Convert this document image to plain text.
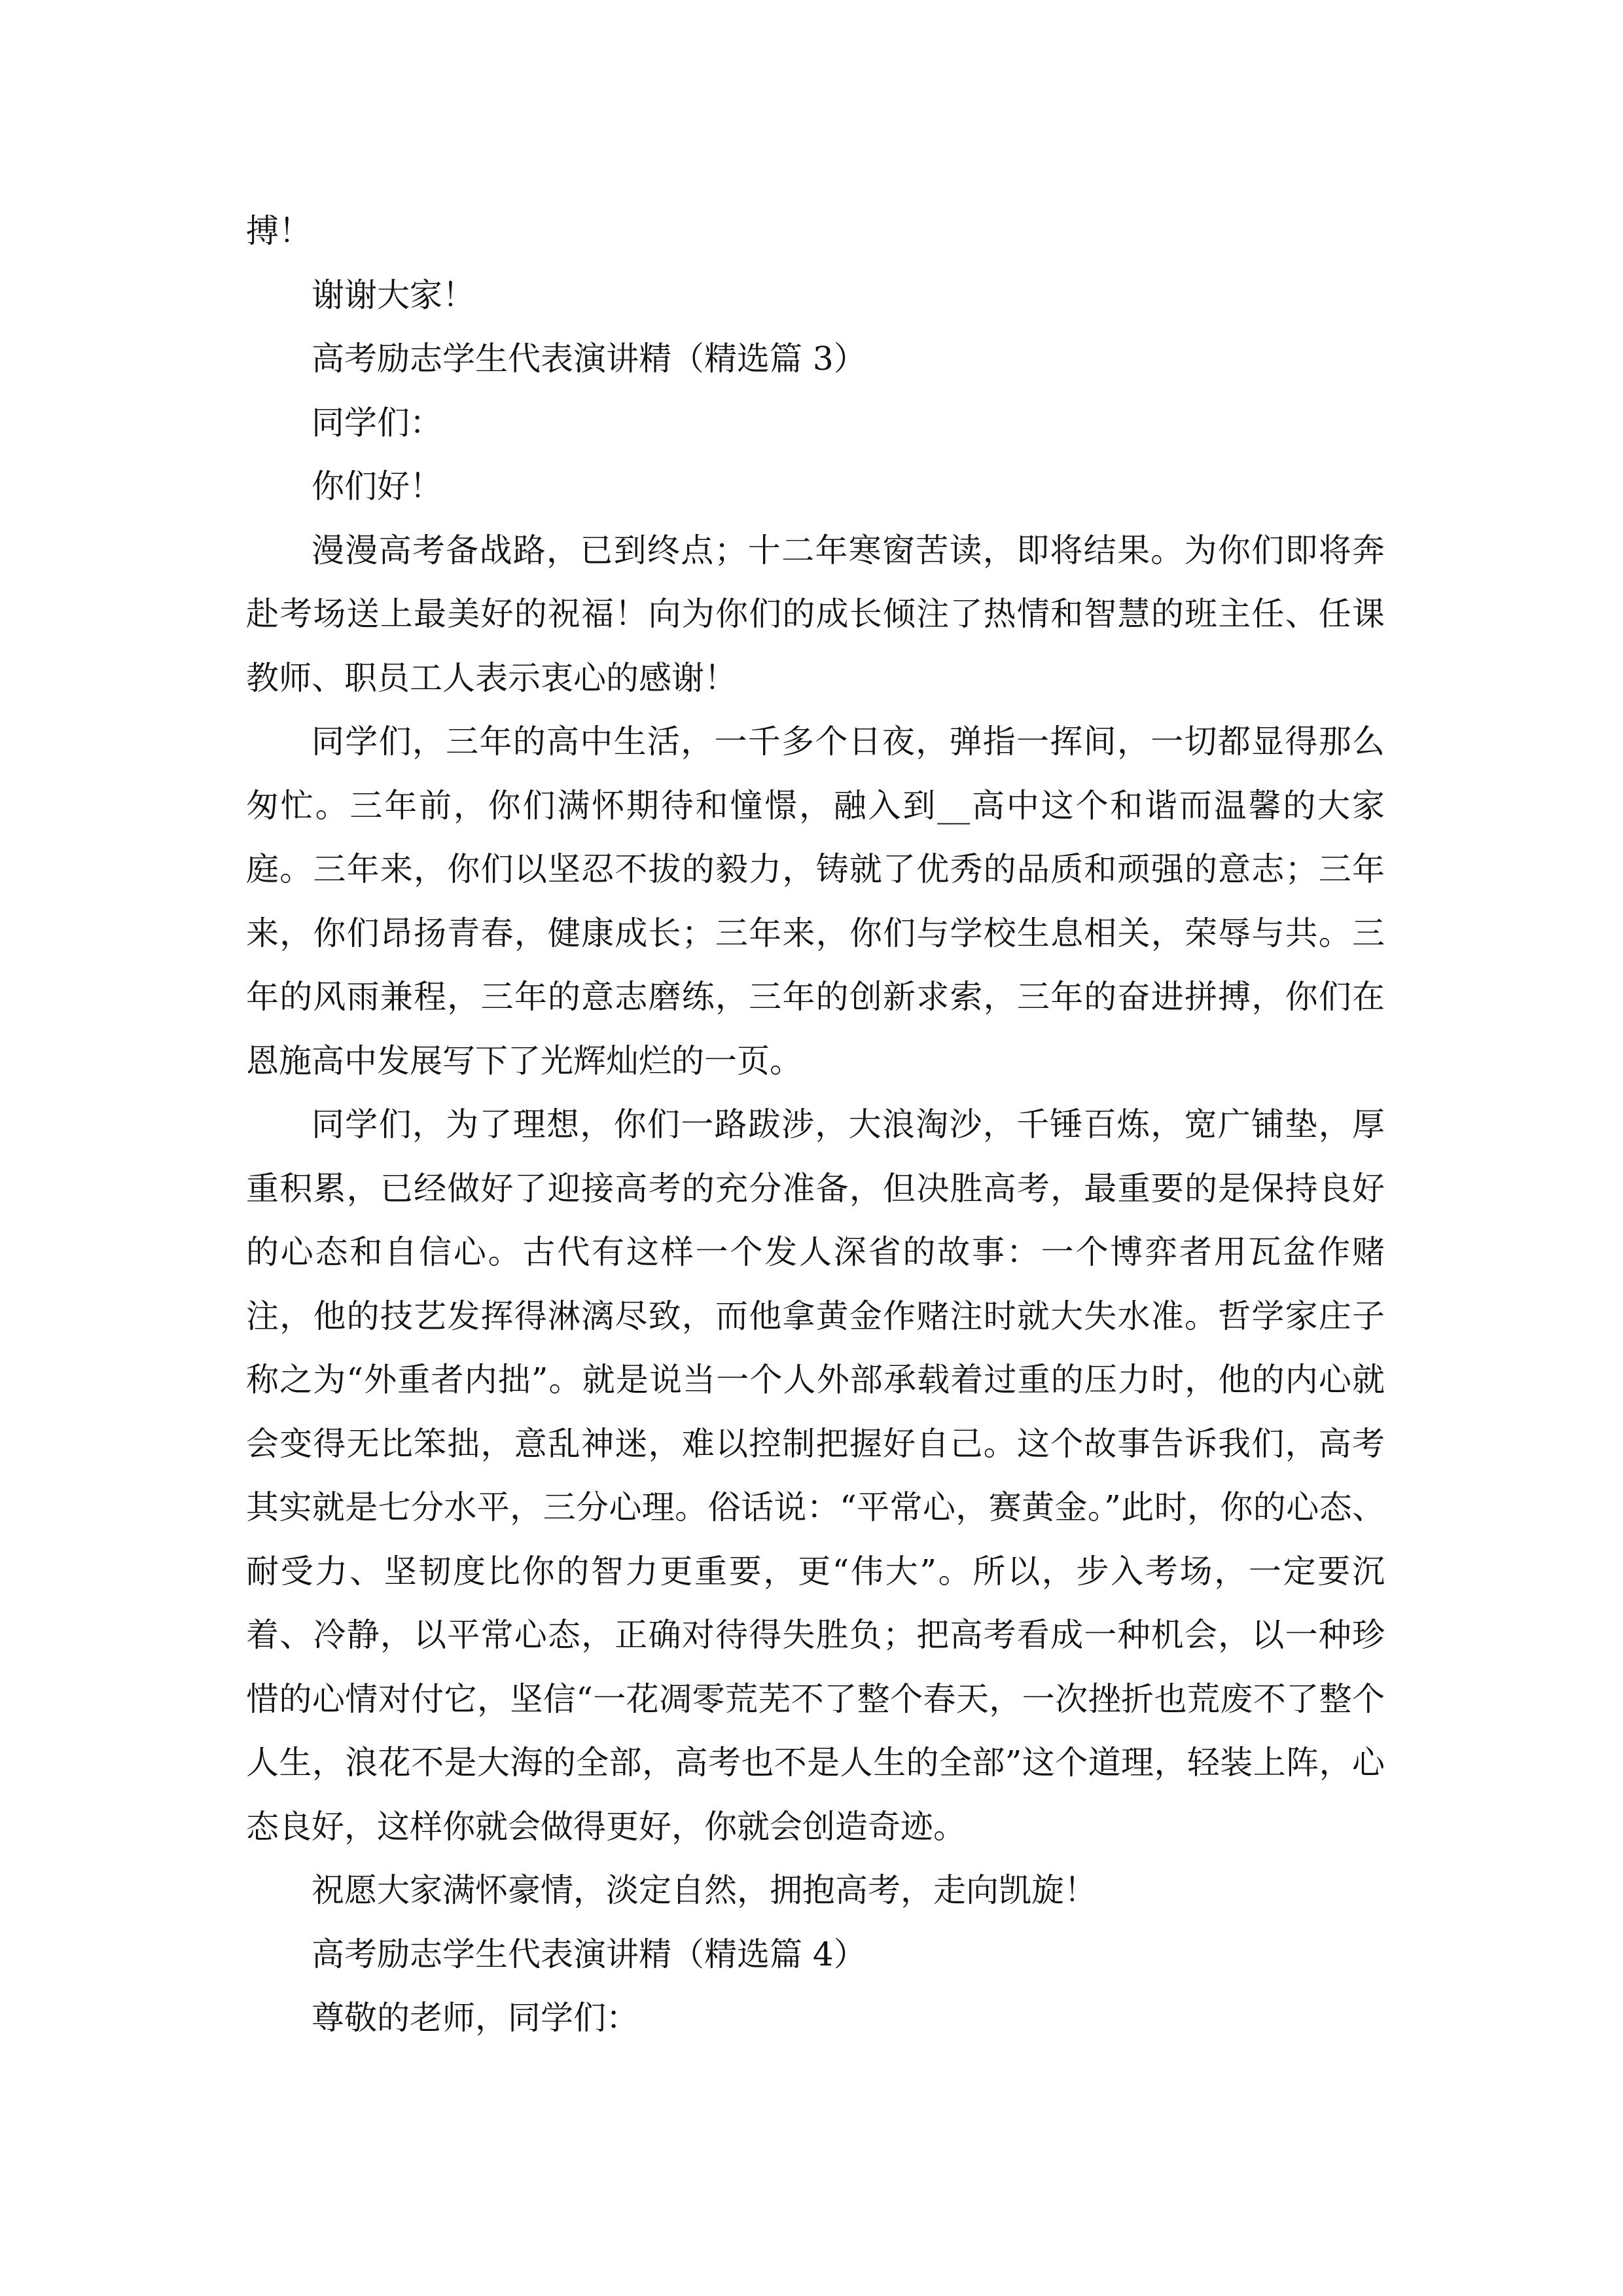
搏！

谢谢大家！

高考励志学生代表演讲精（精选篇 3）

同学们：

你们好！

漫漫高考备战路，已到终点；十二年寒窗苦读，即将结果。为你们即将奔赴考场送上最美好的祝福！向为你们的成长倾注了热情和智慧的班主任、任课教师、职员工人表示衷心的感谢！

同学们，三年的高中生活，一千多个日夜，弹指一挥间，一切都显得那么匆忙。三年前，你们满怀期待和憧憬，融入到__高中这个和谐而温馨的大家庭。三年来，你们以坚忍不拔的毅力，铸就了优秀的品质和顽强的意志；三年来，你们昂扬青春，健康成长；三年来，你们与学校生息相关，荣辱与共。三年的风雨兼程，三年的意志磨练，三年的创新求索，三年的奋进拼搏，你们在恩施高中发展写下了光辉灿烂的一页。

同学们，为了理想，你们一路跋涉，大浪淘沙，千锤百炼，宽广铺垫，厚重积累，已经做好了迎接高考的充分准备，但决胜高考，最重要的是保持良好的心态和自信心。古代有这样一个发人深省的故事：一个博弈者用瓦盆作赌注，他的技艺发挥得淋漓尽致，而他拿黄金作赌注时就大失水准。哲学家庄子称之为“外重者内拙”。就是说当一个人外部承载着过重的压力时，他的内心就会变得无比笨拙，意乱神迷，难以控制把握好自己。这个故事告诉我们，高考其实就是七分水平，三分心理。俗话说：“平常心，赛黄金。”此时，你的心态、耐受力、坚韧度比你的智力更重要，更“伟大”。所以，步入考场，一定要沉着、冷静，以平常心态，正确对待得失胜负；把高考看成一种机会，以一种珍惜的心情对付它，坚信“一花凋零荒芜不了整个春天，一次挫折也荒废不了整个人生，浪花不是大海的全部，高考也不是人生的全部”这个道理，轻装上阵，心态良好，这样你就会做得更好，你就会创造奇迹。

祝愿大家满怀豪情，淡定自然，拥抱高考，走向凯旋！

高考励志学生代表演讲精（精选篇 4）

尊敬的老师，同学们：
